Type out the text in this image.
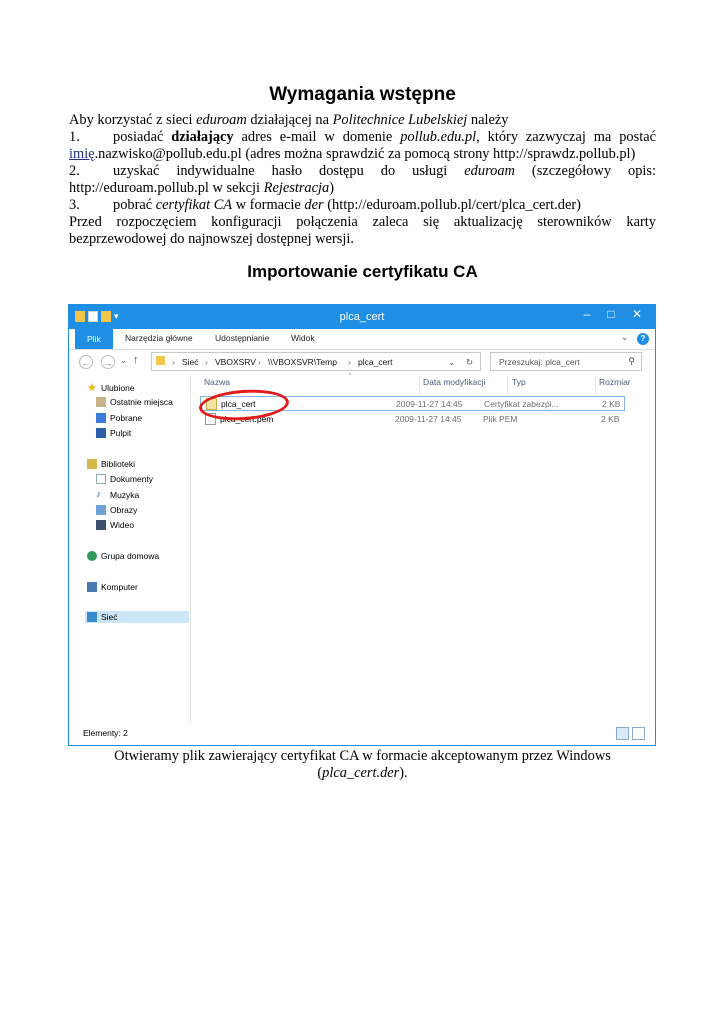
Wymagania wstępne
Aby korzystać z sieci eduroam działającej na Politechnice Lubelskiej należy
1. posiadać działający adres e-mail w domenie pollub.edu.pl, który zazwyczaj ma postać
imię.nazwisko@pollub.edu.pl (adres można sprawdzić za pomocą strony http://sprawdz.pollub.pl)
2. uzyskać indywidualne hasło dostępu do usługi eduroam (szczegółowy opis:
http://eduroam.pollub.pl w sekcji Rejestracja)
3. pobrać certyfikat CA w formacie der (http://eduroam.pollub.pl/cert/plca_cert.der)
Przed rozpoczęciem konfiguracji połączenia zaleca się aktualizację sterowników karty
bezprzewodowej do najnowszej dostępnej wersji.
Importowanie certyfikatu CA
▾	plca_cert	–	□	✕
Plik	Narzędzia główne	Udostępnianie	Widok	⌄	?
← → ⌄ ↑	› Sieć › VBOXSRV › \\VBOXSVR\Temp › plca_cert	⌄ ↻	Przeszukaj: plca_cert	⚲
★ Ulubione
Ostatnie miejsca
Pobrane
Pulpit
Biblioteki
Dokumenty
♪	Muzyka
Obrazy
Wideo
Grupa domowa
Komputer
Sieć
⌃
Nazwa	Data modyfikacji	Typ	Rozmiar
plca_cert	2009-11-27 14:45	Certyfikat zabezpi...	2 KB
plca_cert.pem	2009-11-27 14:45	Plik PEM	2 KB
Elementy: 2
Otwieramy plik zawierający certyfikat CA w formacie akceptowanym przez Windows
(plca_cert.der).
